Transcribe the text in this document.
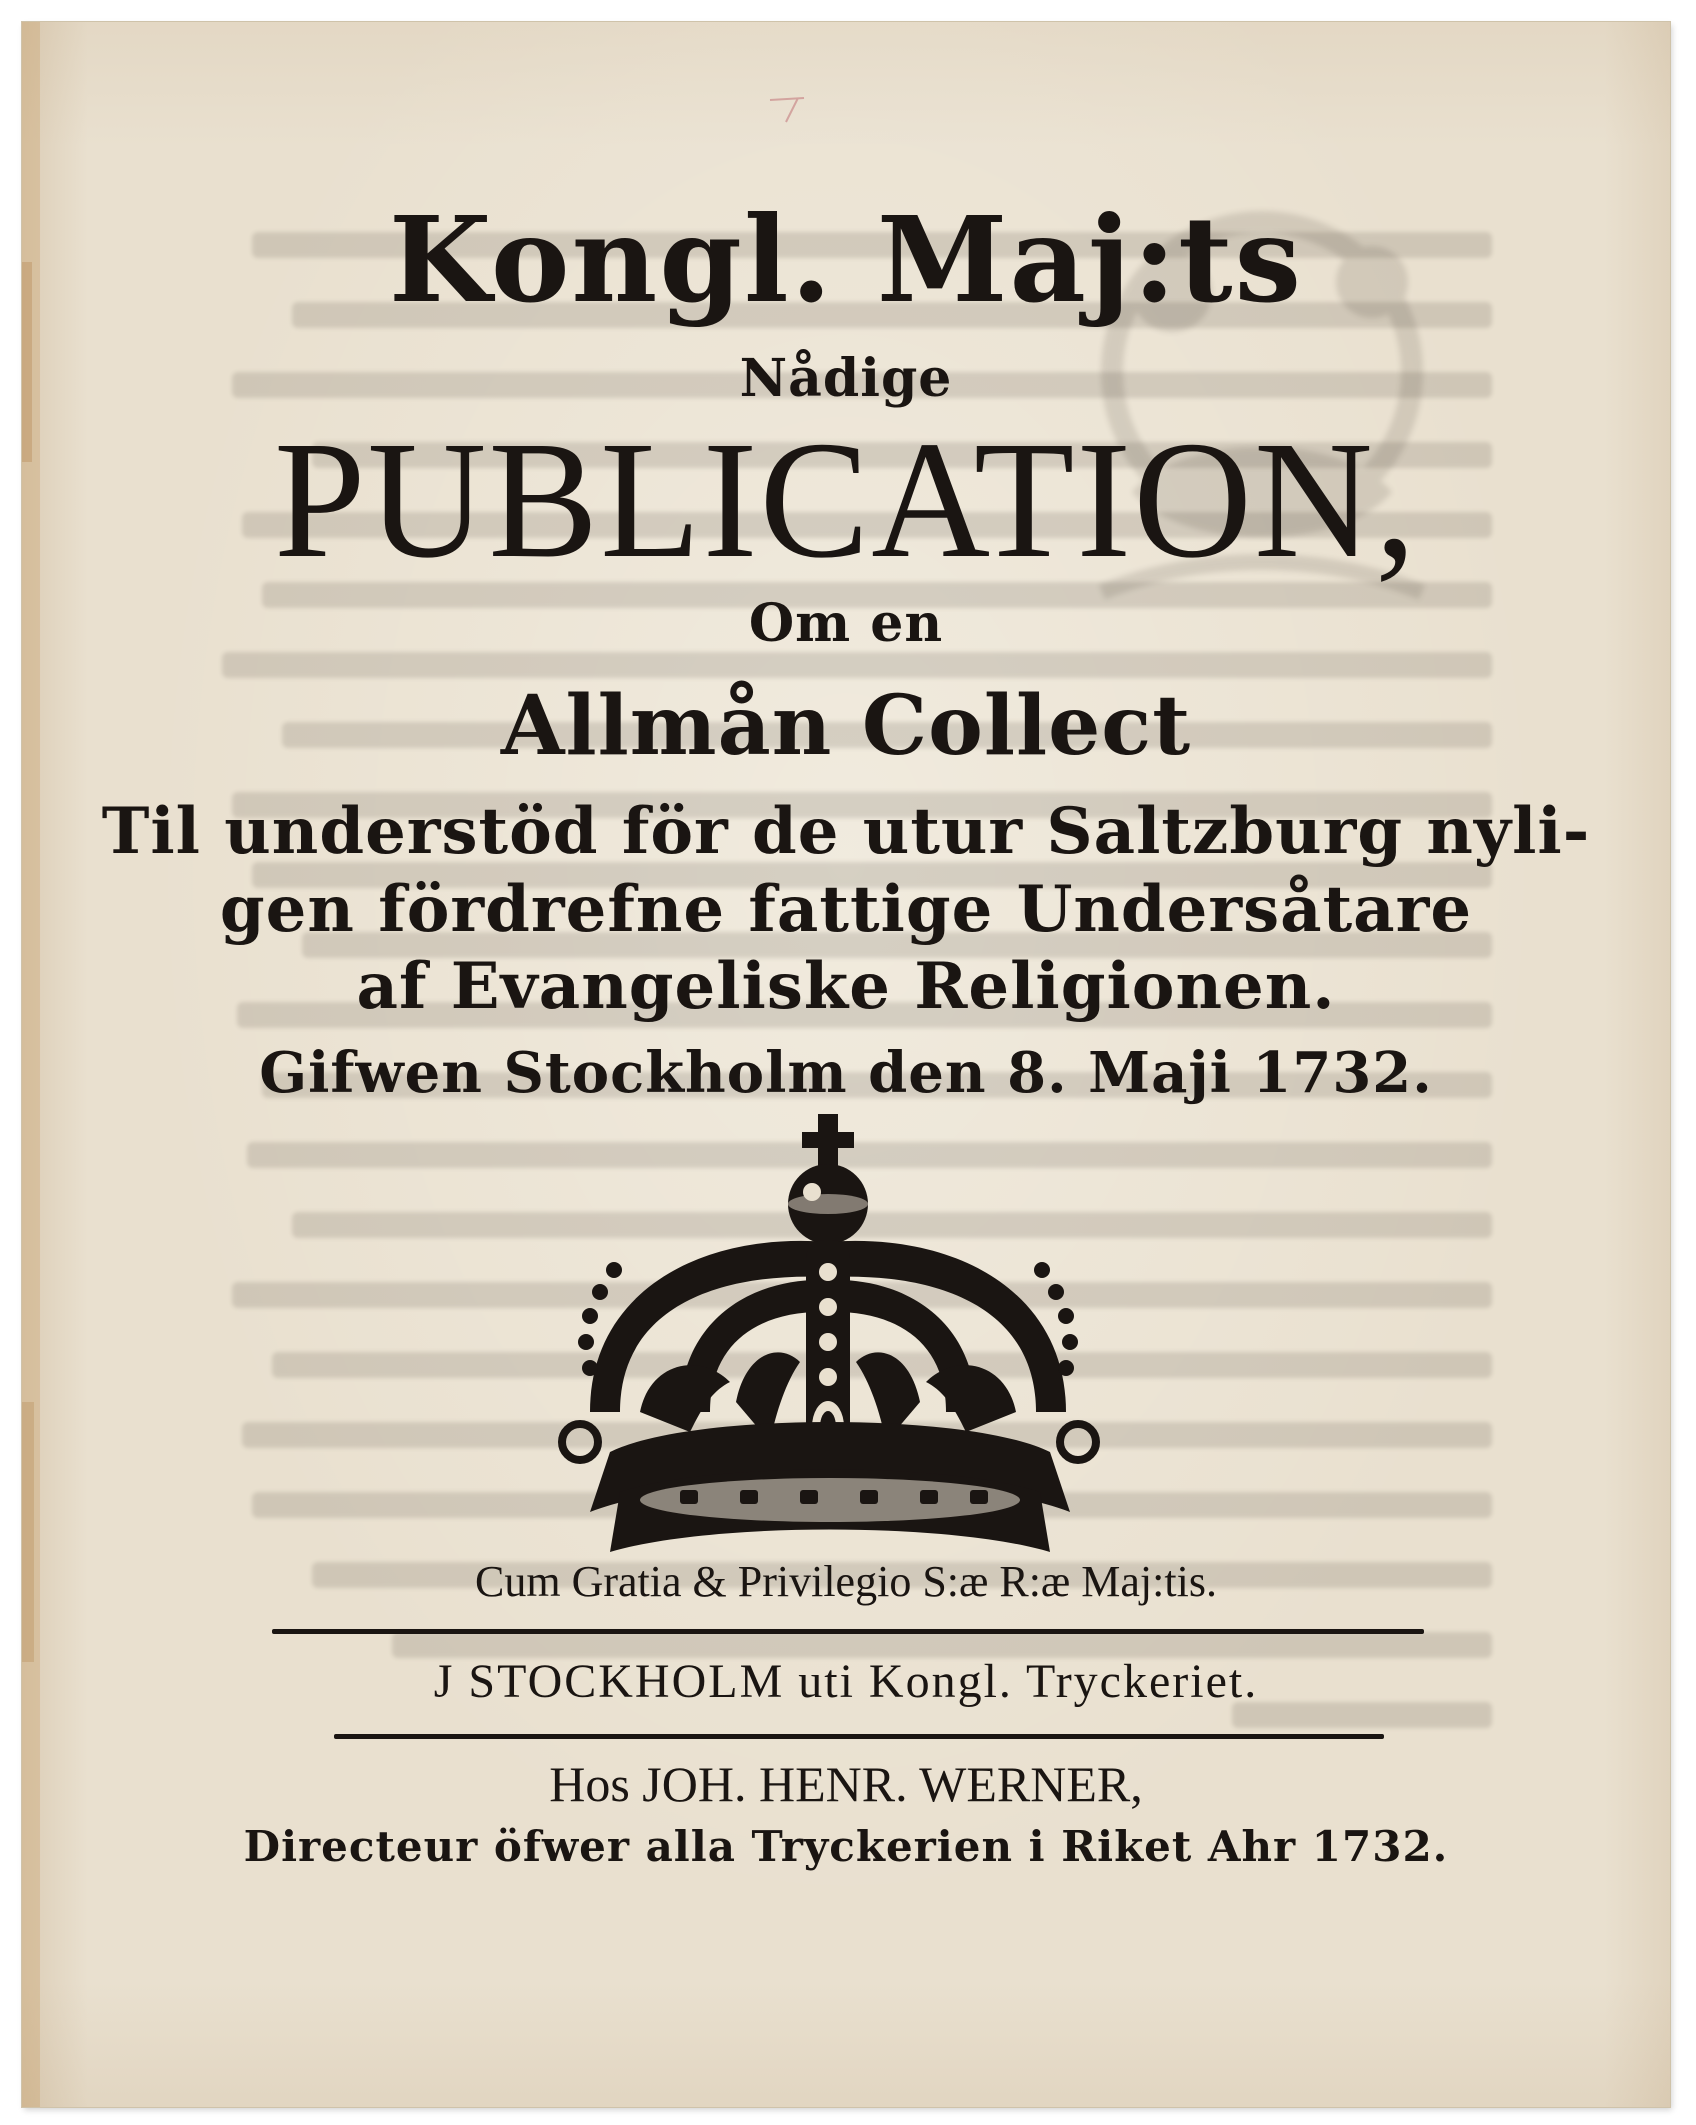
Kongl. Maj:ts
Nådige
PUBLICATION,
Om en
Allmån Collect
Til understöd för de utur Saltzburg nyli-
gen fördrefne fattige Undersåtare
af Evangeliske Religionen.
Gifwen Stockholm den 8. Maji 1732.
Cum Gratia & Privilegio S:æ R:æ Maj:tis.
J STOCKHOLM uti Kongl. Tryckeriet.
Hos JOH. HENR. WERNER,
Directeur öfwer alla Tryckerien i Riket Ahr 1732.
